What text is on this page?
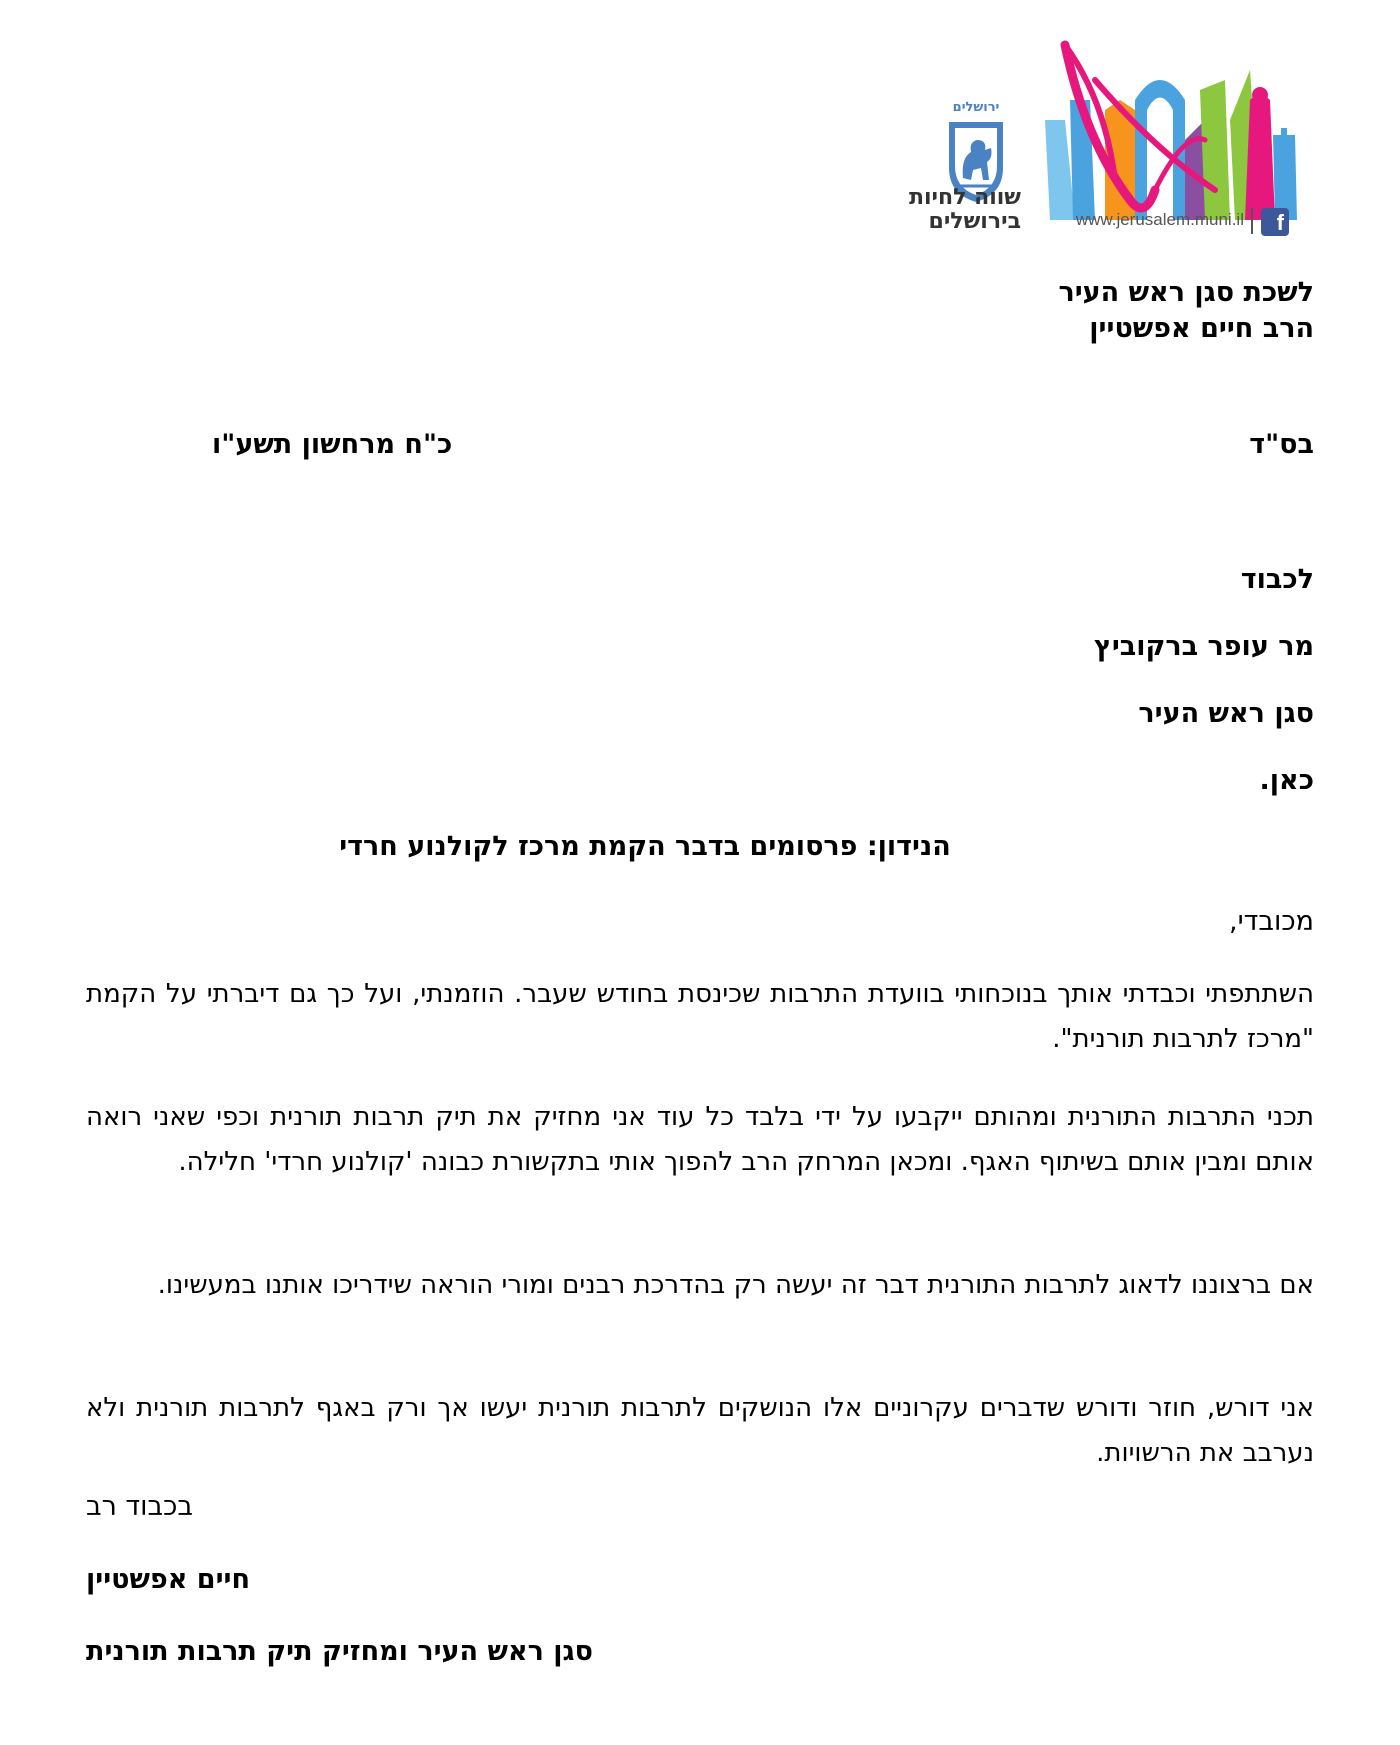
ירושלים
שווה לחיות
בירושלים	www.jerusalem.muni.il	f
לשכת סגן ראש העיר
הרב חיים אפשטיין
בס"ד
כ"ח מרחשון תשע"ו
לכבוד
מר עופר ברקוביץ
סגן ראש העיר
כאן.
הנידון: פרסומים בדבר הקמת מרכז לקולנוע חרדי
מכובדי,
השתתפתי וכבדתי אותך בנוכחותי בוועדת התרבות שכינסת בחודש שעבר. הוזמנתי, ועל כך גם דיברתי על הקמת "מרכז לתרבות תורנית".
תכני התרבות התורנית ומהותם ייקבעו על ידי בלבד כל עוד אני מחזיק את תיק תרבות תורנית וכפי שאני רואה אותם ומבין אותם בשיתוף האגף. ומכאן המרחק הרב להפוך אותי בתקשורת כבונה 'קולנוע חרדי' חלילה.
אם ברצוננו לדאוג לתרבות התורנית דבר זה יעשה רק בהדרכת רבנים ומורי הוראה שידריכו אותנו במעשינו.
אני דורש, חוזר ודורש שדברים עקרוניים אלו הנושקים לתרבות תורנית יעשו אך ורק באגף לתרבות תורנית ולא נערבב את הרשויות.
בכבוד רב
חיים אפשטיין
סגן ראש העיר ומחזיק תיק תרבות תורנית
